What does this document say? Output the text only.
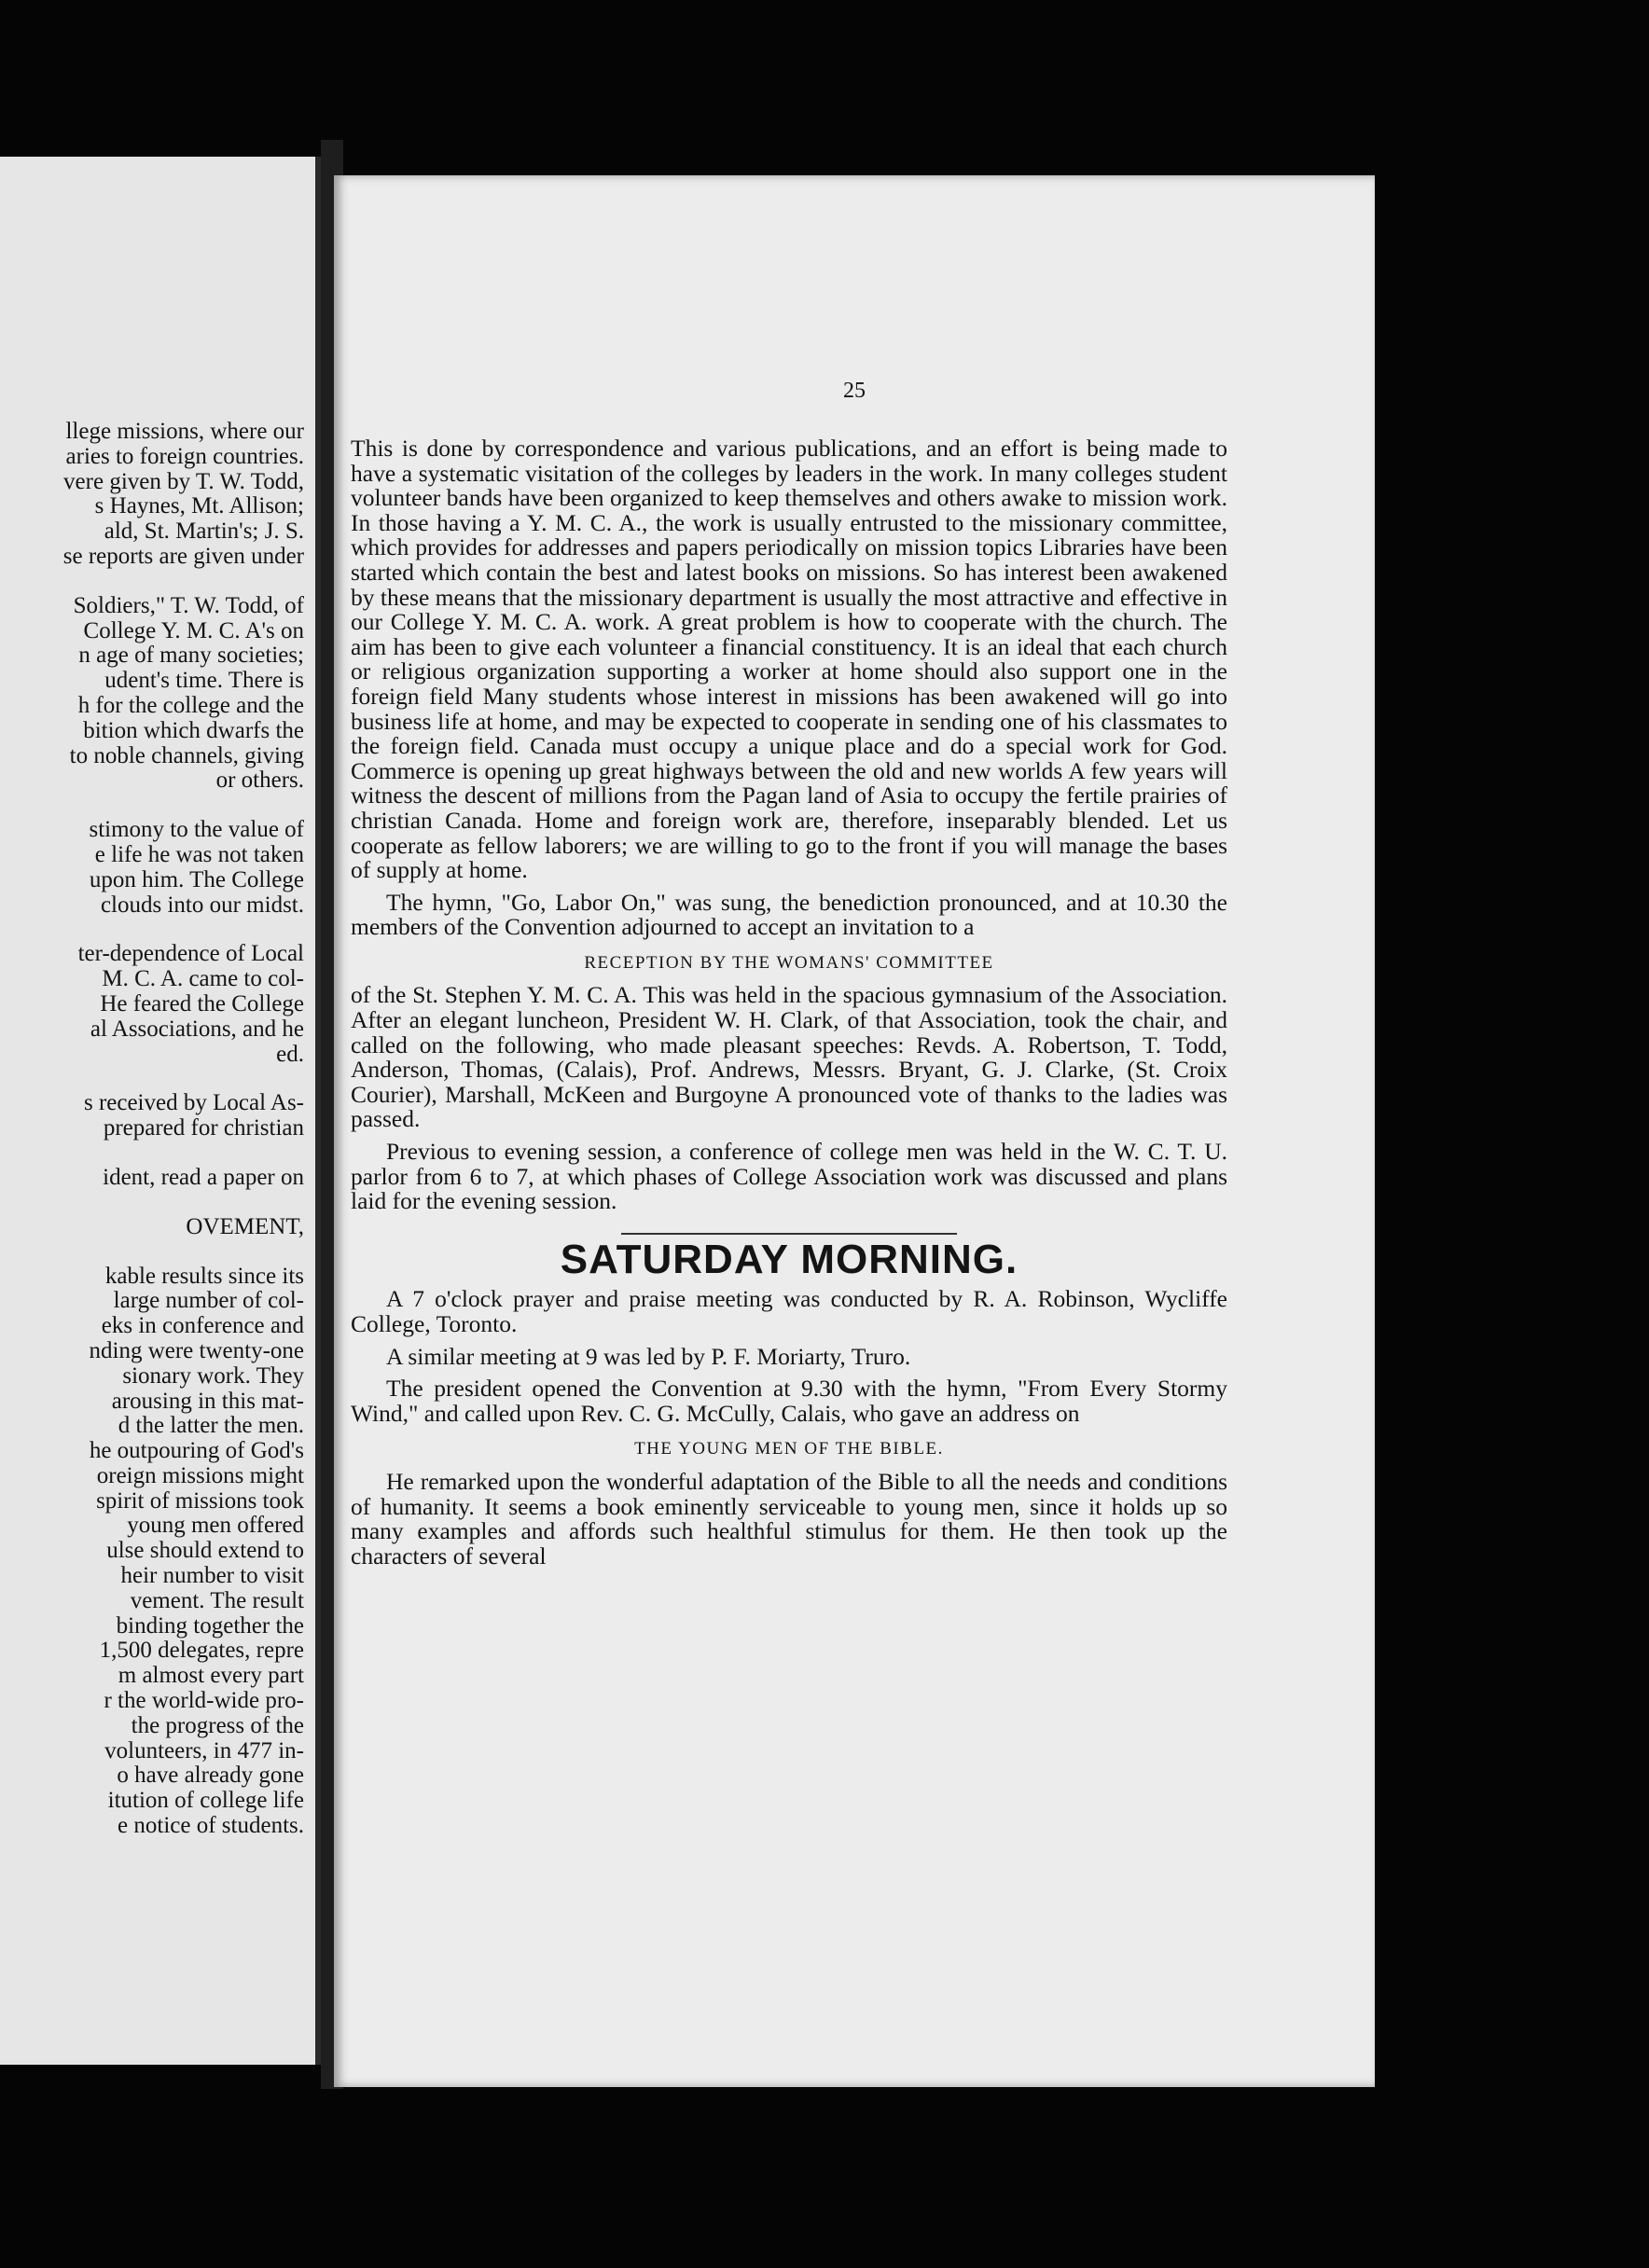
llege missions, where our
aries to foreign countries.
vere given by T. W. Todd,
s Haynes, Mt. Allison;
ald, St. Martin's; J. S.
se reports are given under
Soldiers," T. W. Todd, of
College Y. M. C. A's on
n age of many societies;
udent's time. There is
h for the college and the
bition which dwarfs the
to noble channels, giving
or others.
stimony to the value of
e life he was not taken
upon him. The College
clouds into our midst.
ter-dependence of Local
M. C. A. came to col-
He feared the College
al Associations, and he
ed.
s received by Local As-
prepared for christian
ident, read a paper on
OVEMENT,
kable results since its
large number of col-
eks in conference and
nding were twenty-one
sionary work. They
arousing in this mat-
d the latter the men.
he outpouring of God's
oreign missions might
spirit of missions took
young men offered
ulse should extend to
heir number to visit
vement. The result
binding together the
1,500 delegates, repre
m almost every part
r the world-wide pro-
the progress of the
volunteers, in 477 in-
o have already gone
itution of college life
e notice of students.
25

This is done by correspondence and various publications, and an effort is being made to have a systematic visitation of the colleges by leaders in the work. In many colleges student volunteer bands have been organized to keep themselves and others awake to mission work. In those having a Y. M. C. A., the work is usually entrusted to the missionary committee, which provides for addresses and papers periodically on mission topics Libraries have been started which contain the best and latest books on missions. So has interest been awakened by these means that the missionary department is usually the most attractive and effective in our College Y. M. C. A. work. A great problem is how to cooperate with the church. The aim has been to give each volunteer a financial constituency. It is an ideal that each church or religious organization supporting a worker at home should also support one in the foreign field Many students whose interest in missions has been awakened will go into business life at home, and may be expected to cooperate in sending one of his classmates to the foreign field. Canada must occupy a unique place and do a special work for God. Commerce is opening up great highways between the old and new worlds A few years will witness the descent of millions from the Pagan land of Asia to occupy the fertile prairies of christian Canada. Home and foreign work are, therefore, inseparably blended. Let us cooperate as fellow laborers; we are willing to go to the front if you will manage the bases of supply at home.

The hymn, "Go, Labor On," was sung, the benediction pronounced, and at 10.30 the members of the Convention adjourned to accept an invitation to a

RECEPTION BY THE WOMANS' COMMITTEE

of the St. Stephen Y. M. C. A. This was held in the spacious gymnasium of the Association. After an elegant luncheon, President W. H. Clark, of that Association, took the chair, and called on the following, who made pleasant speeches: Revds. A. Robertson, T. Todd, Anderson, Thomas, (Calais), Prof. Andrews, Messrs. Bryant, G. J. Clarke, (St. Croix Courier), Marshall, McKeen and Burgoyne A pronounced vote of thanks to the ladies was passed.

Previous to evening session, a conference of college men was held in the W. C. T. U. parlor from 6 to 7, at which phases of College Association work was discussed and plans laid for the evening session.

SATURDAY MORNING.

A 7 o'clock prayer and praise meeting was conducted by R. A. Robinson, Wycliffe College, Toronto.

A similar meeting at 9 was led by P. F. Moriarty, Truro.

The president opened the Convention at 9.30 with the hymn, "From Every Stormy Wind," and called upon Rev. C. G. McCully, Calais, who gave an address on

THE YOUNG MEN OF THE BIBLE.

He remarked upon the wonderful adaptation of the Bible to all the needs and conditions of humanity. It seems a book eminently serviceable to young men, since it holds up so many examples and affords such healthful stimulus for them. He then took up the characters of several
